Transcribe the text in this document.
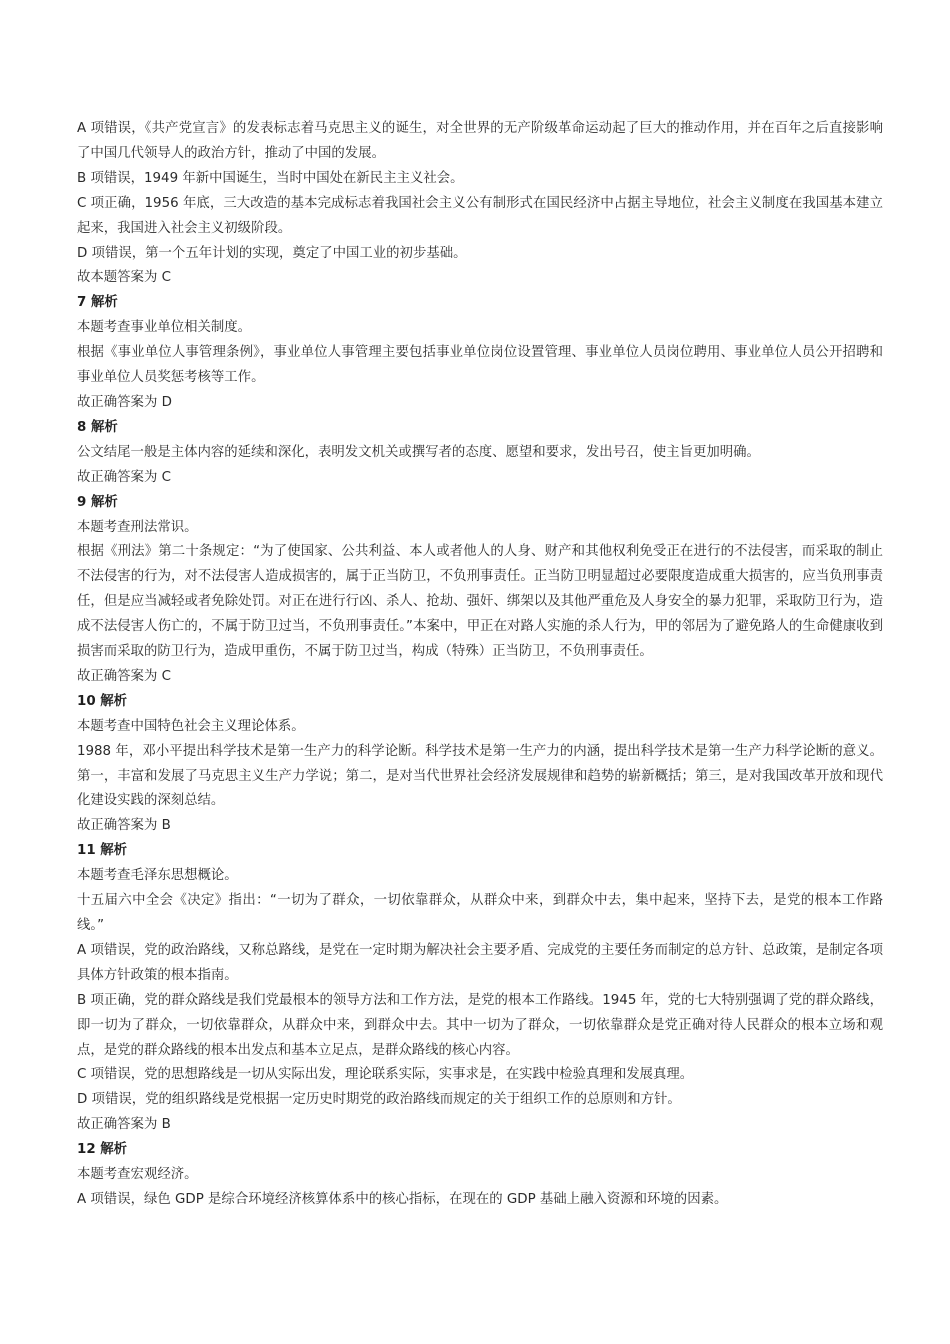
A 项错误，《共产党宣言》的发表标志着马克思主义的诞生，对全世界的无产阶级革命运动起了巨大的推动作用，并在百年之后直接影响了中国几代领导人的政治方针，推动了中国的发展。

B 项错误，1949 年新中国诞生，当时中国处在新民主主义社会。

C 项正确，1956 年底，三大改造的基本完成标志着我国社会主义公有制形式在国民经济中占据主导地位，社会主义制度在我国基本建立起来，我国进入社会主义初级阶段。

D 项错误，第一个五年计划的实现，奠定了中国工业的初步基础。

故本题答案为 C

7 解析

本题考查事业单位相关制度。

根据《事业单位人事管理条例》，事业单位人事管理主要包括事业单位岗位设置管理、事业单位人员岗位聘用、事业单位人员公开招聘和事业单位人员奖惩考核等工作。

故正确答案为 D

8 解析

公文结尾一般是主体内容的延续和深化，表明发文机关或撰写者的态度、愿望和要求，发出号召，使主旨更加明确。

故正确答案为 C

9 解析

本题考查刑法常识。

根据《刑法》第二十条规定：“为了使国家、公共利益、本人或者他人的人身、财产和其他权利免受正在进行的不法侵害，而采取的制止不法侵害的行为，对不法侵害人造成损害的，属于正当防卫，不负刑事责任。正当防卫明显超过必要限度造成重大损害的，应当负刑事责任，但是应当减轻或者免除处罚。对正在进行行凶、杀人、抢劫、强奸、绑架以及其他严重危及人身安全的暴力犯罪，采取防卫行为，造成不法侵害人伤亡的，不属于防卫过当，不负刑事责任。”本案中，甲正在对路人实施的杀人行为，甲的邻居为了避免路人的生命健康收到损害而采取的防卫行为，造成甲重伤，不属于防卫过当，构成（特殊）正当防卫，不负刑事责任。

故正确答案为 C

10 解析

本题考查中国特色社会主义理论体系。

1988 年，邓小平提出科学技术是第一生产力的科学论断。科学技术是第一生产力的内涵，提出科学技术是第一生产力科学论断的意义。第一，丰富和发展了马克思主义生产力学说；第二，是对当代世界社会经济发展规律和趋势的崭新概括；第三，是对我国改革开放和现代化建设实践的深刻总结。

故正确答案为 B

11 解析

本题考查毛泽东思想概论。

十五届六中全会《决定》指出：“一切为了群众，一切依靠群众，从群众中来，到群众中去，集中起来，坚持下去，是党的根本工作路线。”

A 项错误，党的政治路线，又称总路线，是党在一定时期为解决社会主要矛盾、完成党的主要任务而制定的总方针、总政策，是制定各项具体方针政策的根本指南。

B 项正确，党的群众路线是我们党最根本的领导方法和工作方法，是党的根本工作路线。1945 年，党的七大特别强调了党的群众路线，即一切为了群众，一切依靠群众，从群众中来，到群众中去。其中一切为了群众，一切依靠群众是党正确对待人民群众的根本立场和观点，是党的群众路线的根本出发点和基本立足点，是群众路线的核心内容。

C 项错误，党的思想路线是一切从实际出发，理论联系实际，实事求是，在实践中检验真理和发展真理。

D 项错误，党的组织路线是党根据一定历史时期党的政治路线而规定的关于组织工作的总原则和方针。

故正确答案为 B

12 解析

本题考查宏观经济。

A 项错误，绿色 GDP 是综合环境经济核算体系中的核心指标，在现在的 GDP 基础上融入资源和环境的因素。
